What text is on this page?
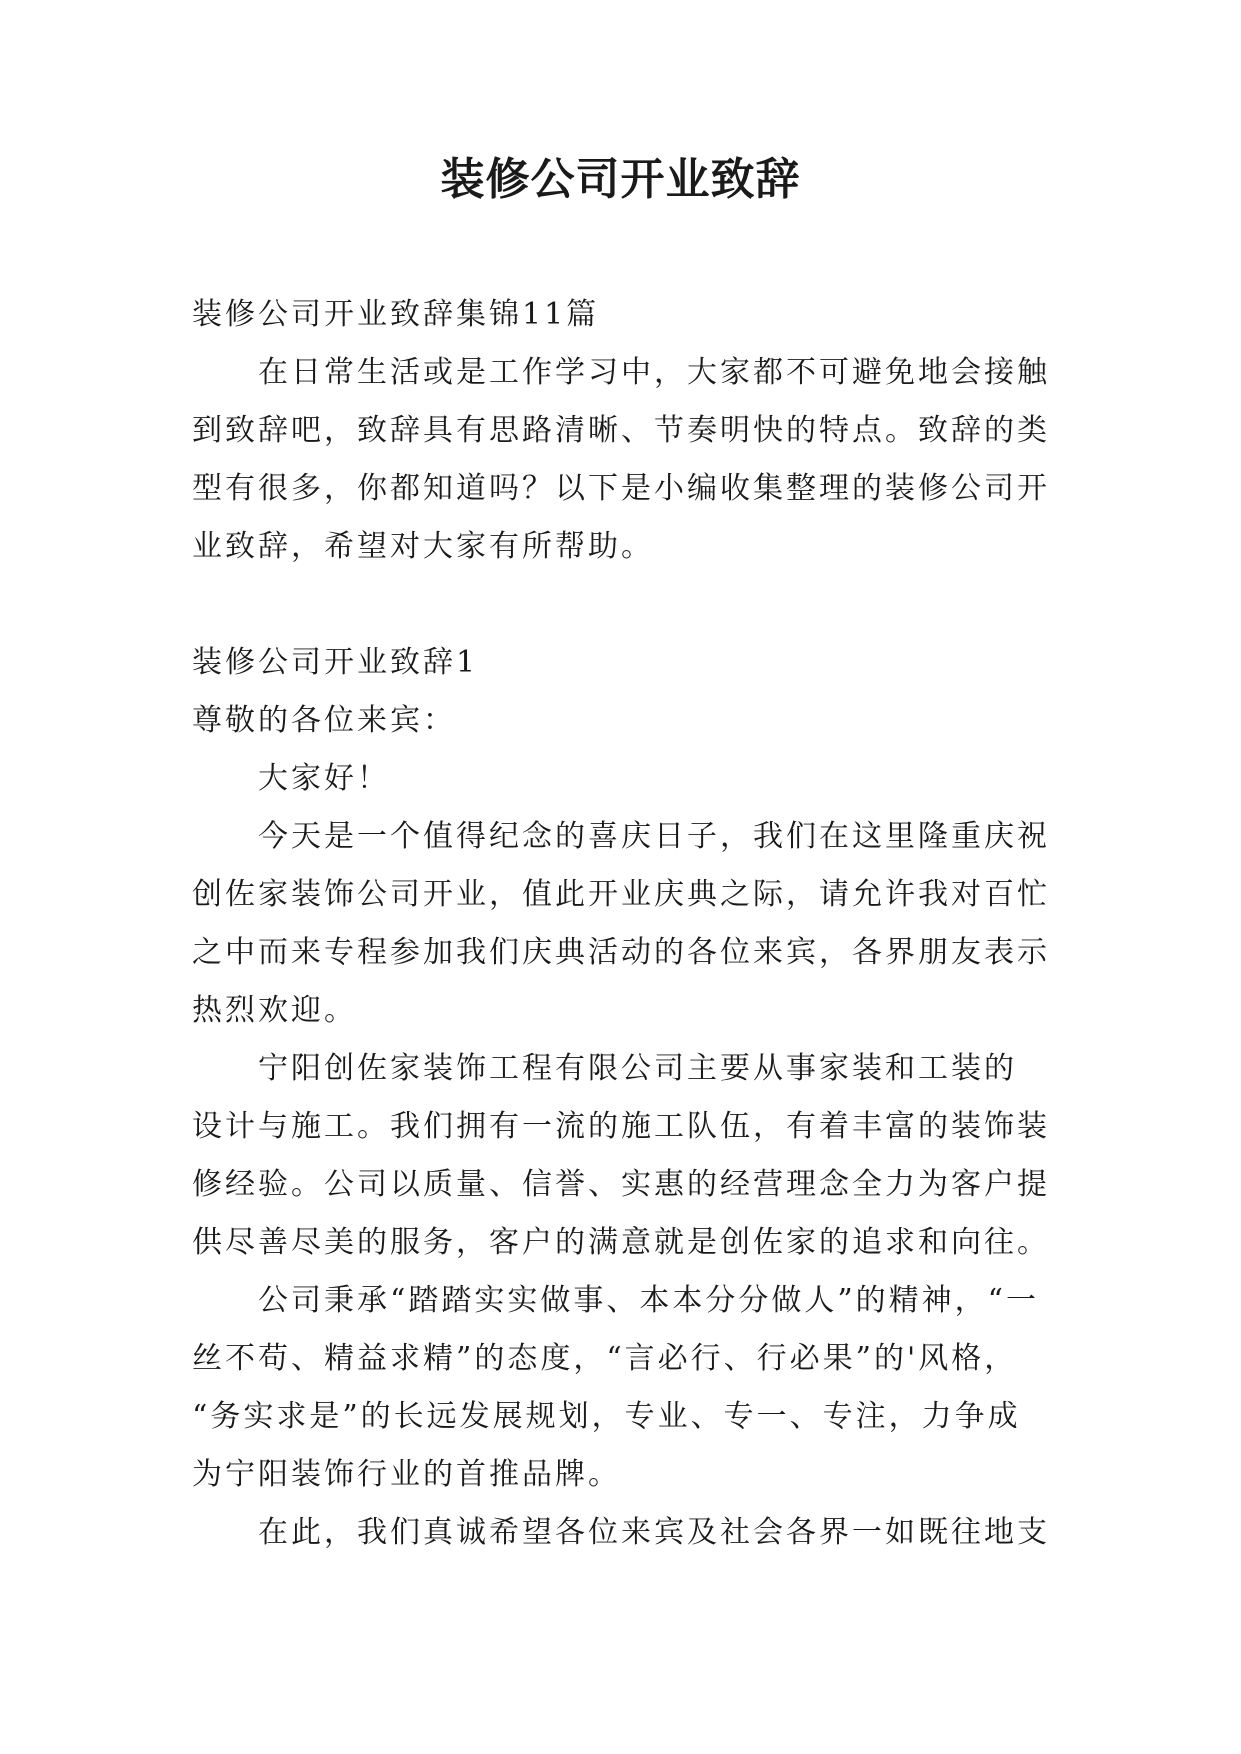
装修公司开业致辞

装修公司开业致辞集锦11篇

在日常生活或是工作学习中，大家都不可避免地会接触

到致辞吧，致辞具有思路清晰、节奏明快的特点。致辞的类

型有很多，你都知道吗？以下是小编收集整理的装修公司开

业致辞，希望对大家有所帮助。

装修公司开业致辞1

尊敬的各位来宾：

大家好！

今天是一个值得纪念的喜庆日子，我们在这里隆重庆祝

创佐家装饰公司开业，值此开业庆典之际，请允许我对百忙

之中而来专程参加我们庆典活动的各位来宾，各界朋友表示

热烈欢迎。

宁阳创佐家装饰工程有限公司主要从事家装和工装的

设计与施工。我们拥有一流的施工队伍，有着丰富的装饰装

修经验。公司以质量、信誉、实惠的经营理念全力为客户提

供尽善尽美的服务，客户的满意就是创佐家的追求和向往。

公司秉承“踏踏实实做事、本本分分做人”的精神，“一

丝不苟、精益求精”的态度，“言必行、行必果”的'风格，

“务实求是”的长远发展规划，专业、专一、专注，力争成

为宁阳装饰行业的首推品牌。

在此，我们真诚希望各位来宾及社会各界一如既往地支
